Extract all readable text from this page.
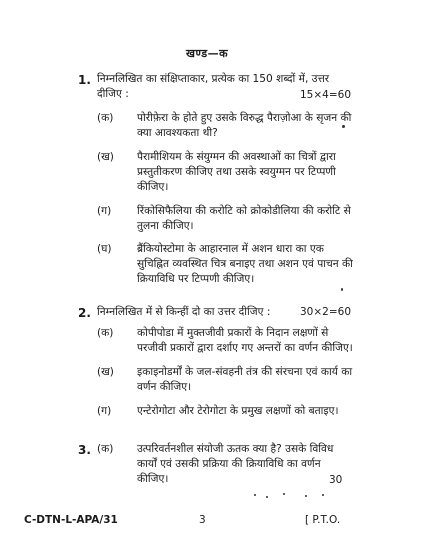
खण्ड—क
1. निम्नलिखित का संक्षिप्ताकार, प्रत्येक का 150 शब्दों में, उत्तर
दीजिए :	15×4=60
(क) पोरीफ़ेरा के होते हुए उसके विरुद्ध पैराज़ोआ के सृजन की
क्या आवश्यकता थी?
(ख) पैरामीशियम के संयुग्मन की अवस्थाओं का चित्रों द्वारा
प्रस्तुतीकरण कीजिए तथा उसके स्वयुग्मन पर टिप्पणी
कीजिए।
(ग) रिंकोसिफैलिया की करोटि को क्रोकोडीलिया की करोटि से
तुलना कीजिए।
(घ) ब्रैंकियोस्टोमा के आहारनाल में अशन धारा का एक
सुचिह्नित व्यवस्थित चित्र बनाइए तथा अशन एवं पाचन की
क्रियाविधि पर टिप्पणी कीजिए।
2. निम्नलिखित में से किन्हीं दो का उत्तर दीजिए :	30×2=60
(क) कोपीपोडा में मुक्तजीवी प्रकारों के निदान लक्षणों से
परजीवी प्रकारों द्वारा दर्शाए गए अन्तरों का वर्णन कीजिए।
(ख) इकाइनोडर्मों के जल-संवहनी तंत्र की संरचना एवं कार्य का
वर्णन कीजिए।
(ग) एन्टेरोगोटा और टेरोगोटा के प्रमुख लक्षणों को बताइए।
3. (क) उत्परिवर्तनशील संयोजी ऊतक क्या है? उसके विविध
कार्यों एवं उसकी प्रक्रिया की क्रियाविधि का वर्णन
कीजिए।	30
C-DTN-L-APA/31	3	[ P.T.O.
